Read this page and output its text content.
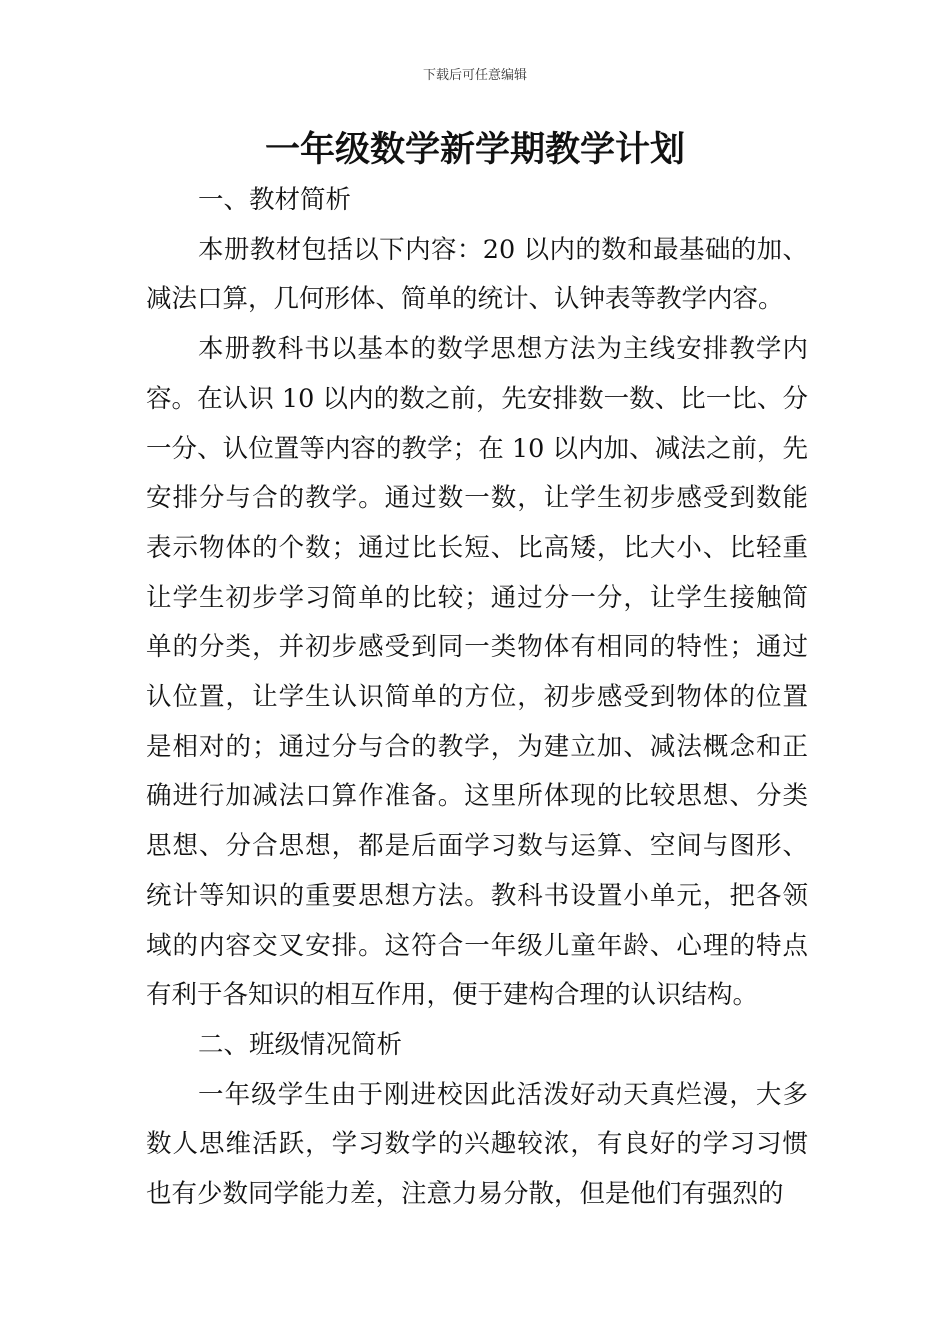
下载后可任意编辑
一年级数学新学期教学计划

一、教材简析

本册教材包括以下内容：20 以内的数和最基础的加、减法口算，几何形体、简单的统计、认钟表等教学内容。

本册教科书以基本的数学思想方法为主线安排教学内容。在认识 10 以内的数之前，先安排数一数、比一比、分一分、认位置等内容的教学；在 10 以内加、减法之前，先安排分与合的教学。通过数一数，让学生初步感受到数能表示物体的个数；通过比长短、比高矮，比大小、比轻重让学生初步学习简单的比较；通过分一分，让学生接触简单的分类，并初步感受到同一类物体有相同的特性；通过认位置，让学生认识简单的方位，初步感受到物体的位置是相对的；通过分与合的教学，为建立加、减法概念和正确进行加减法口算作准备。这里所体现的比较思想、分类思想、分合思想，都是后面学习数与运算、空间与图形、统计等知识的重要思想方法。教科书设置小单元，把各领域的内容交叉安排。这符合一年级儿童年龄、心理的特点有利于各知识的相互作用，便于建构合理的认识结构。

二、班级情况简析

一年级学生由于刚进校因此活泼好动天真烂漫，大多数人思维活跃，学习数学的兴趣较浓，有良好的学习习惯也有少数同学能力差，注意力易分散，但是他们有强烈的
